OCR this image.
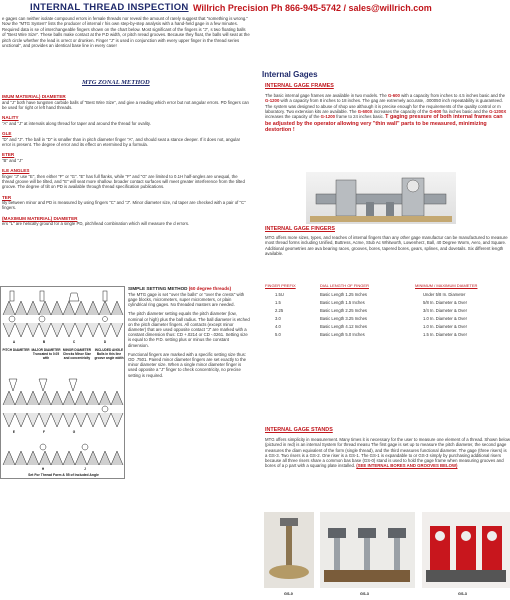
INTERNAL THREAD INSPECTION Willrich Precision Ph 866-945-5742 / sales@willrich.com
e gages can neither isolate compound errors in female threads nor reveal the amount of rarely suggest that "something is wrong." Now the "MTG System" lists the producer of internal r his own step-by-step analysis with a hand-held gage in a few minutes. Required data is se of interchangeable fingers shown on the chart below. Most significant of the fingers is "J", s two floating balls of "Best Wire Size". These balls make contact at the P.D width, or pitch nread grooves. Because they float, the balls will seat at the pitch circle whether the lead is orrect or drunken. Finger "J" is used in conjunction with every upper finger in the thread series unctional", and provides an identical base line in every case!
MTG ZONAL METHOD
IMUM MATERIAL) DIAMETER
and "J" both have tungsten carbide balls of "Best Wire Size", and give a reading which error but not angular errors. PD fingers can be used for right or left hand threads.
NALITY
"A" and "J" at intervals along thread for taper and around the thread for ovality.
GLE
"D" and "J". The ball in "D" is smaller than in pitch diameter finger "A", and should seat a stance deeper. If it does not, angular error is present. The degree of error and its effect on etermined by a formula.
ETER
"B" and "J"
ILE ANGLES
finger "J" use "E", then either "F" or "G". "E" has full flanks, while "F" and "G" are limited to 0.1H half-angles are unequal, the thread groove will be tilted, and "E" will seat more shallow. broader contact surfaces will meet greater interference from the tilted groove. The degree of tilt on PD is available through thread specification publications.
TER
lity between minor and PD is measured by using fingers "C" and "J". Minor diameter size, nd taper are checked with a pair of "C" fingers.
(MAXIMUM MATERIAL) DIAMETER
ers "L" are helically ground for a single PD, pitch/lead combination which will measure the d errors.
A	B	C	D
PITCH DIAMETER MAJOR DIAMETER Truncated to 0.05 with
MINOR DIAMETER Checks Minor Size and concentricity
INCLUDED ANGLE Balls in this line groove angle width
E	F	G
H	J
Set For Thread Form & 55 of Included Angle
SIMPLE SETTING METHOD (60 degree threads)

The MTG gage is set "over the balls" or "over the crests" with gage blocks, micrometers, super micrometers, or plain cylindrical ring gages. No threaded masters are needed.

The pitch diameter setting equals the pitch diameter (low, nominal or high) plus the ball radius. The ball diameter is etched on the pitch diameter fingers. All contacts (except minor diameter) that are used opposite contact "J" are marked with a constant dimension thus: CD +.0214 or CD -.0261. Setting size is equal to the P.D. setting plus or minus the constant dimension.

Functional fingers are marked with a specific setting size thus: OD .7501. Paired minor diameter fingers are set exactly to the minor diameter size. When a single minor diameter finger is used opposite a "J" finger to check concentricity, no precise setting is required.

Internal Gages
INTERNAL GAGE FRAMES
The basic internal gage frames are available in two models. The G-600 with a capacity from inches to 4.5 inches basic and the G-1200 with a capacity from 8 inches to 18 inches. The gag are extremely accurate, .000050 inch repeatability is guaranteed. The system was designed to abuse of shop use although it is precise enough for the requirements of the quality control or m laboratory. Two extension kits are available. The G-600X increases the capacity of the G-600 fra inches basic and the G-1200X increases the capacity of the G-1200 frame to 24 inches basic. T gaging pressure of both internal frames can be adjusted by the operator allowing very "thin wall" parts to be measured, minimizing destortion !
INTERNAL GAGE FINGERS
MTG offers more sizes, types, and reaches of internal fingers than any other gage manufactur can be manufactured to measure most thread forms including Unified, Buttress, Acme, Stub Ac Whitworth, Lowenherz, Ball, 40 Degree Worm, Aero, and Square. Additional geometries are ava bearing races, grooves, bores, tapered bores, gears, splines, and dovetails. Six different length available.
FINGER PREFIX	DIAL LENGTH OF FINGER	MINIMUM / MAXIMUM DIAMETER
1.5U	Basic Length 1.25 Inches	Under 5/8 In. Diameter
1.5	Basic Length 1.5 Inches	5/8 In. Diameter & Over
2.25	Basic Length 2.25 Inches	3/4 In. Diameter & Over
3.0	Basic Length 3.25 Inches	1.0 In. Diameter & Over
4.0	Basic Length 4.12 Inches	1.0 In. Diameter & Over
5.0	Basic Length 5.0 Inches	1.5 In. Diameter & Over
INTERNAL GAGE STANDS
MTG offers simplicity in measurement. Many times it is necessary for the user to measure one element of a thread. Shown below (pictured in red) is an internal System for thread measu The first gage is set up to measure the pitch diameter, the second gage measures the diam equivalent of the form (single thread), and the third measures functional diameter. The gage (three risers) is a GS-3. Two risers is a GS-2. One riser is a GS-1. The GS-1 is expandable to or GS-3 simply by purchasing additional risers because all three risers share a common bas base (GS-0) stand is used to hold the gage frame when measuring grooves and bores of a p part with a squaring plate installed. (SEE INTERNAL BORES AND GROOVES BELOW)
GS-0	GS-3	GS-3
